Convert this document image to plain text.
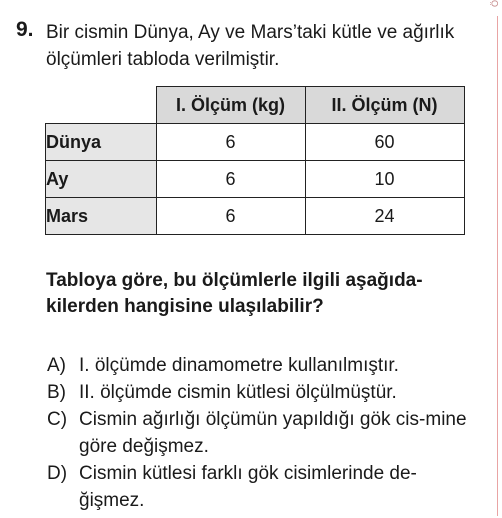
Ö
9. Bir cismin Dünya, Ay ve Mars’taki kütle ve ağırlık ölçümleri tabloda verilmiştir.
	I. Ölçüm (kg)	II. Ölçüm (N)
Dünya	6	60
Ay	6	10
Mars	6	24
Tabloya göre, bu ölçümlerle ilgili aşağıda-kilerden hangisine ulaşılabilir?
A) I. ölçümde dinamometre kullanılmıştır.
B) II. ölçümde cismin kütlesi ölçülmüştür.
C) Cismin ağırlığı ölçümün yapıldığı gök cis-mine göre değişmez.
D) Cismin kütlesi farklı gök cisimlerinde de-ğişmez.
